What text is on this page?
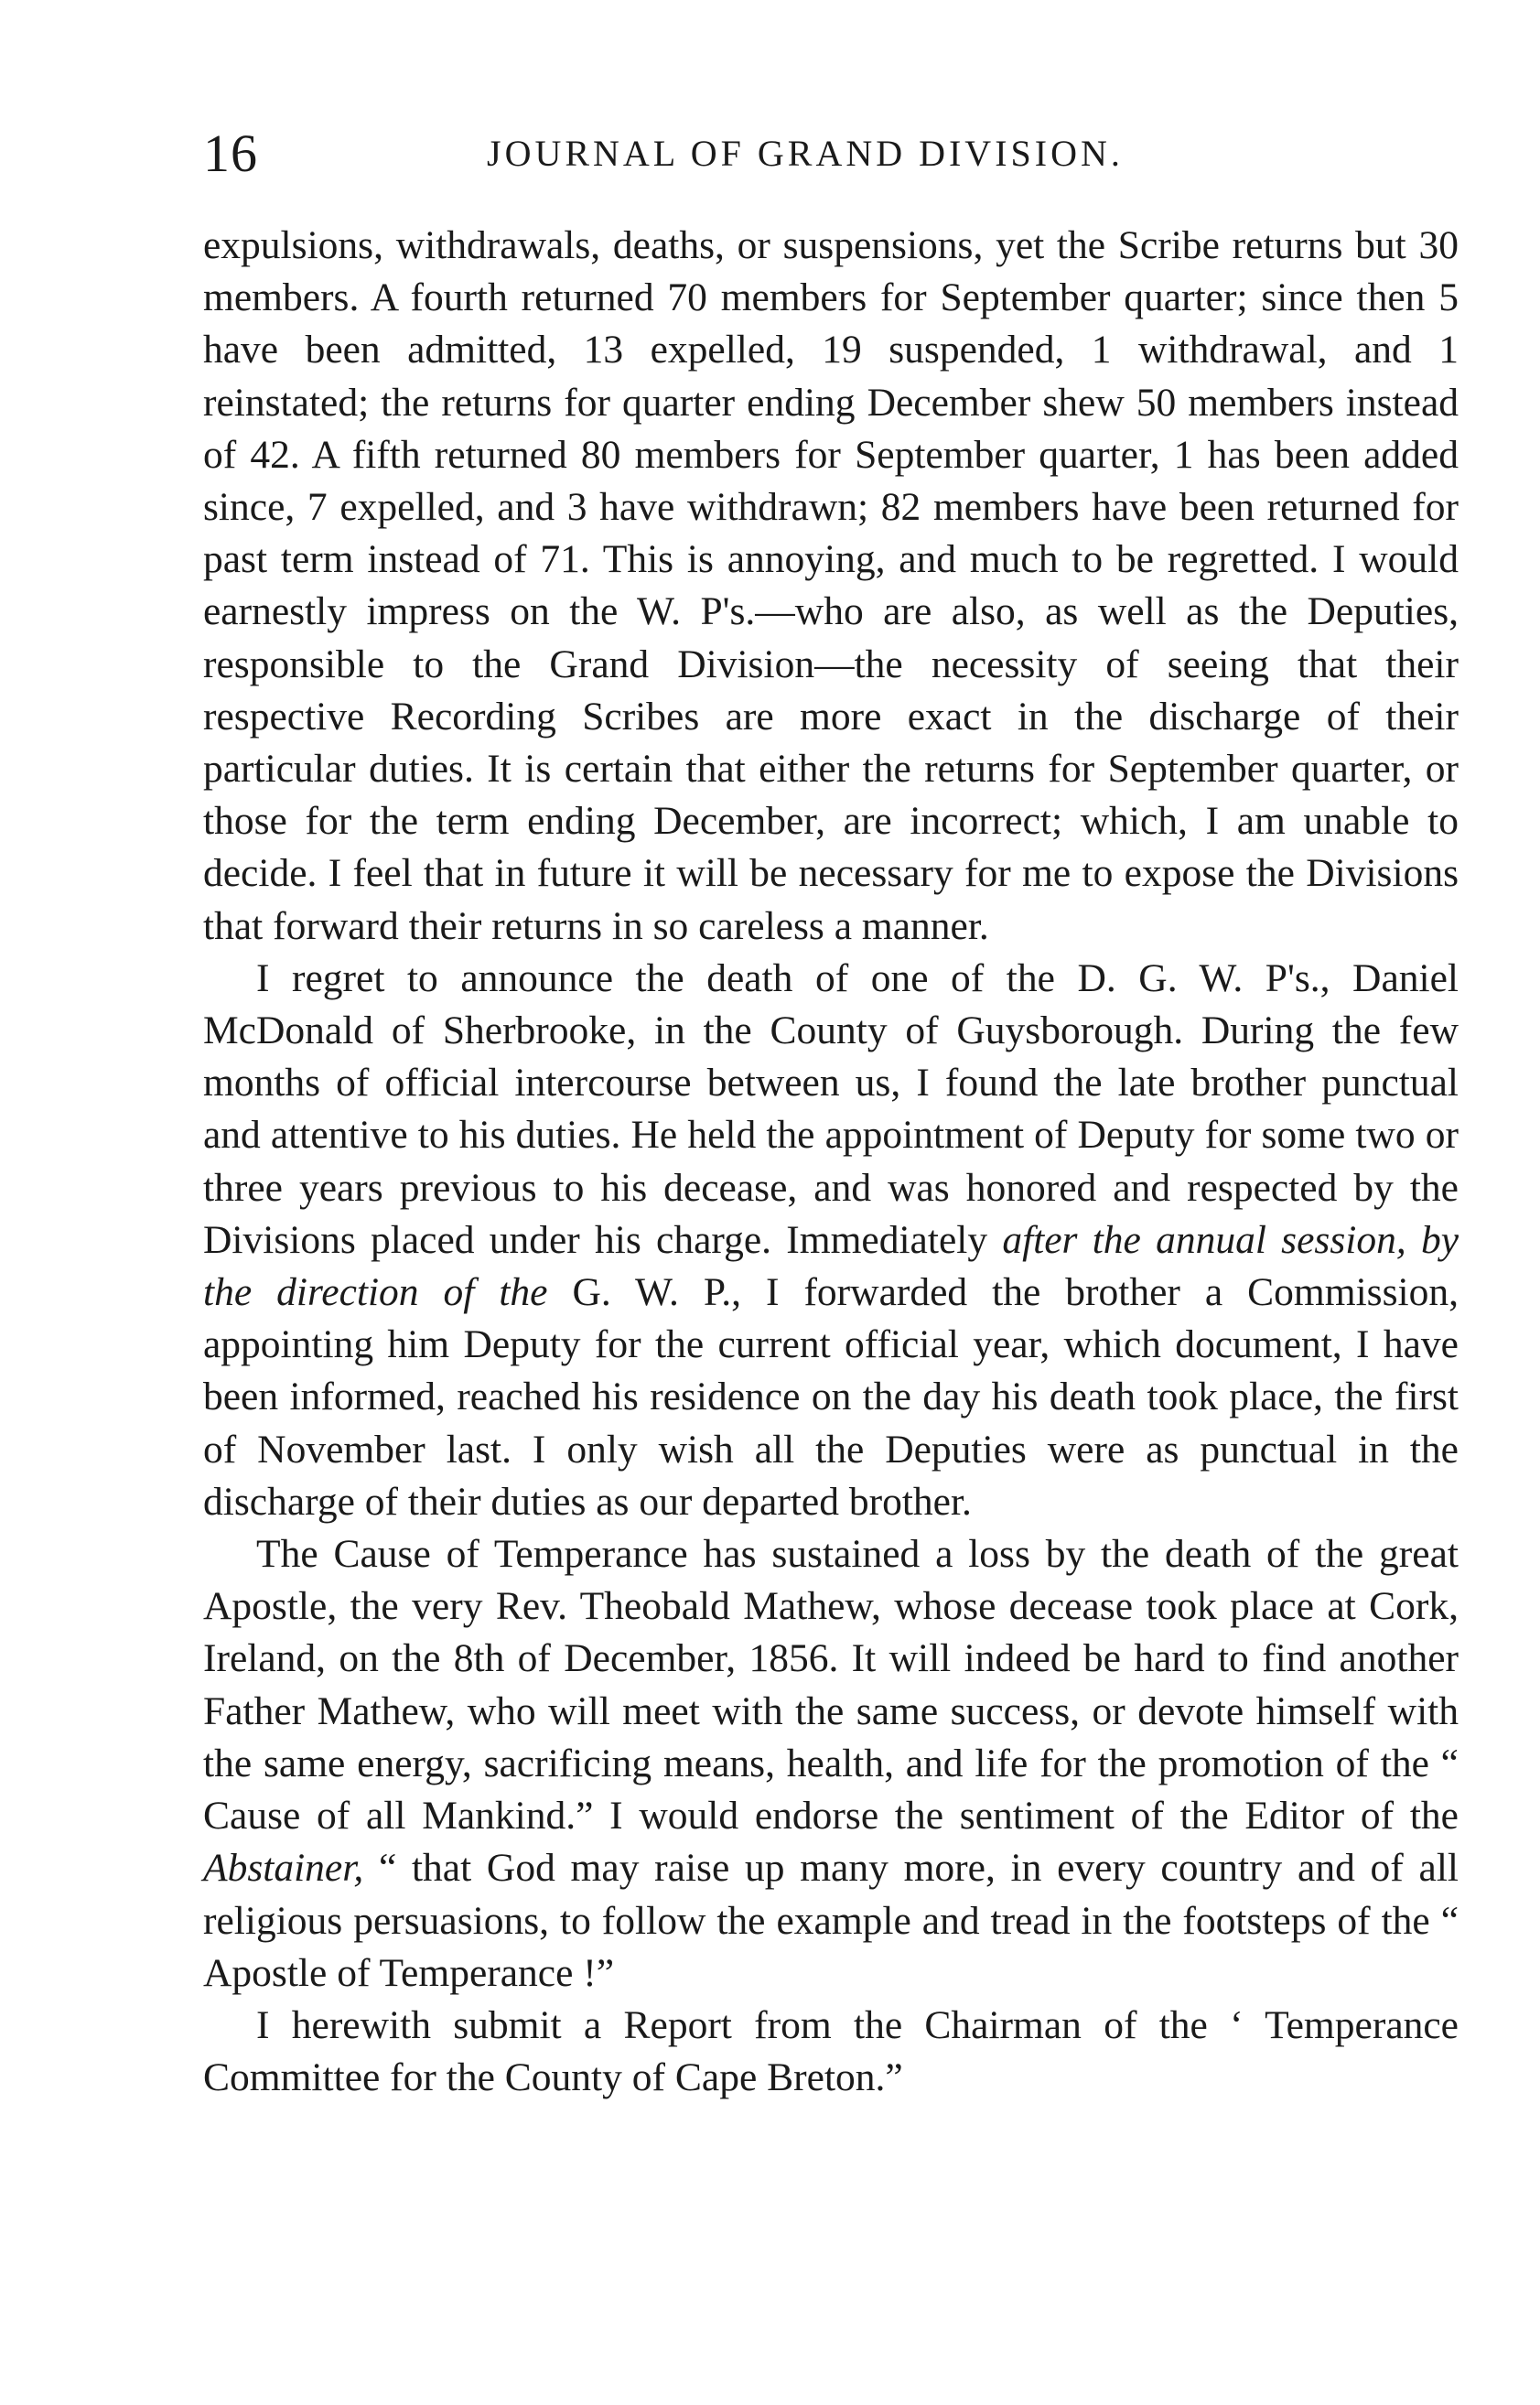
16	JOURNAL OF GRAND DIVISION.

expulsions, withdrawals, deaths, or suspensions, yet the Scribe returns but 30 members. A fourth returned 70 members for September quarter; since then 5 have been admitted, 13 expelled, 19 suspended, 1 withdrawal, and 1 reinstated; the returns for quarter ending December shew 50 members instead of 42. A fifth returned 80 members for September quarter, 1 has been added since, 7 expelled, and 3 have withdrawn; 82 members have been returned for past term instead of 71. This is annoying, and much to be regretted. I would earnestly impress on the W. P's.—who are also, as well as the Deputies, responsible to the Grand Division—the necessity of seeing that their respective Recording Scribes are more exact in the discharge of their particular duties. It is certain that either the returns for September quarter, or those for the term ending December, are incorrect; which, I am unable to decide. I feel that in future it will be necessary for me to expose the Divisions that forward their returns in so careless a manner.

I regret to announce the death of one of the D. G. W. P's., Daniel McDonald of Sherbrooke, in the County of Guysborough. During the few months of official intercourse between us, I found the late brother punctual and attentive to his duties. He held the appointment of Deputy for some two or three years previous to his decease, and was honored and respected by the Divisions placed under his charge. Immediately after the annual session, by the direction of the G. W. P., I forwarded the brother a Commission, appointing him Deputy for the current official year, which document, I have been informed, reached his residence on the day his death took place, the first of November last. I only wish all the Deputies were as punctual in the discharge of their duties as our departed brother.

The Cause of Temperance has sustained a loss by the death of the great Apostle, the very Rev. Theobald Mathew, whose decease took place at Cork, Ireland, on the 8th of December, 1856. It will indeed be hard to find another Father Mathew, who will meet with the same success, or devote himself with the same energy, sacrificing means, health, and life for the promotion of the “ Cause of all Mankind.” I would endorse the sentiment of the Editor of the Abstainer, “ that God may raise up many more, in every country and of all religious persuasions, to follow the example and tread in the footsteps of the “ Apostle of Temperance !”

I herewith submit a Report from the Chairman of the ‘ Temperance Committee for the County of Cape Breton.”
